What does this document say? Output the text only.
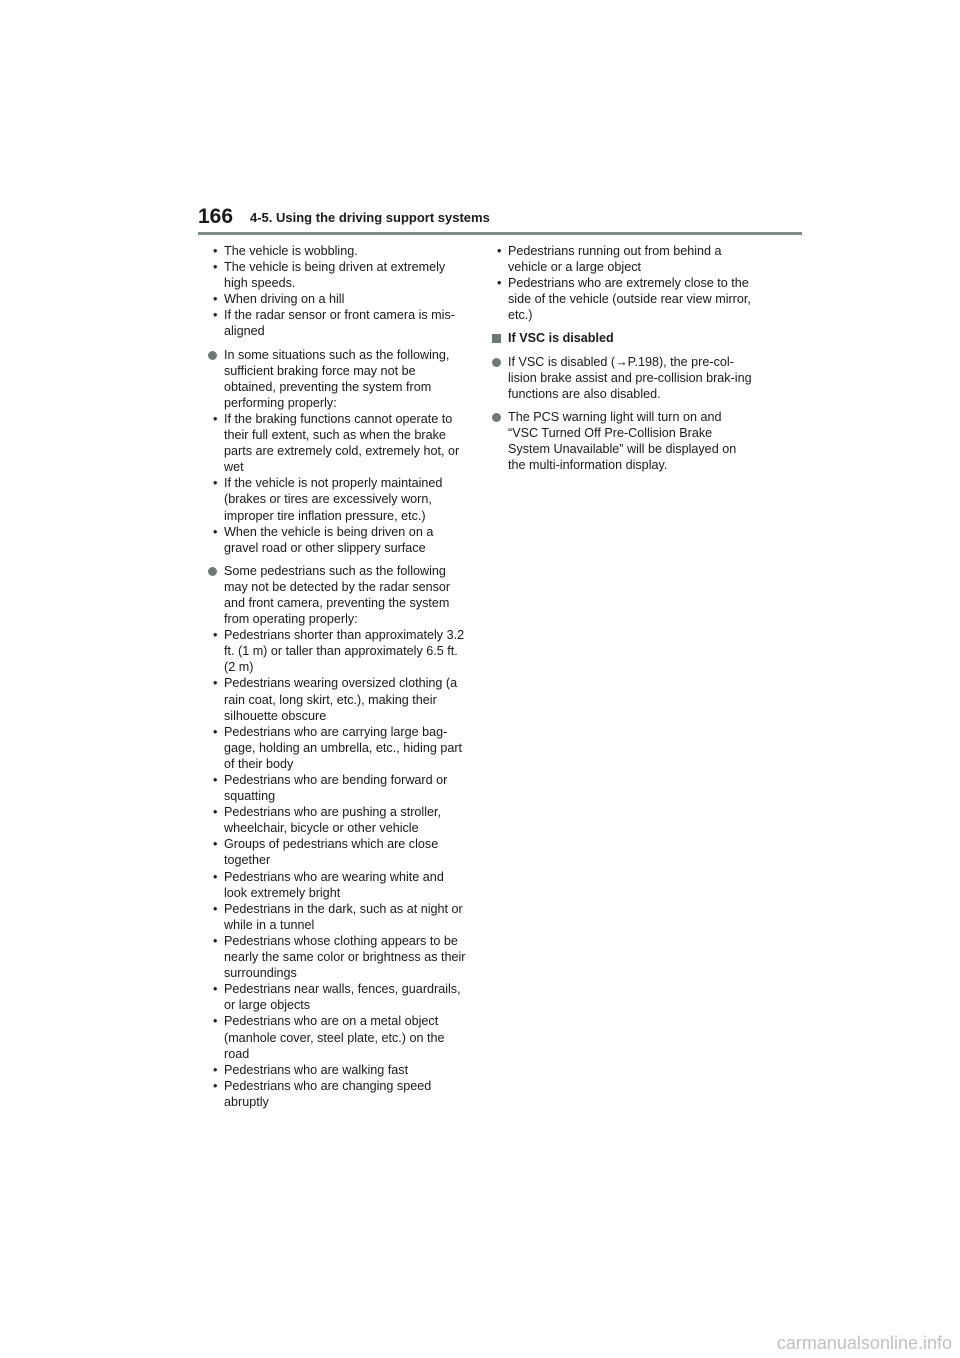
166 4-5. Using the driving support systems
• The vehicle is wobbling.
• The vehicle is being driven at extremely high speeds.
• When driving on a hill
• If the radar sensor or front camera is mis-aligned
In some situations such as the following, sufficient braking force may not be obtained, preventing the system from performing properly:
• If the braking functions cannot operate to their full extent, such as when the brake parts are extremely cold, extremely hot, or wet
• If the vehicle is not properly maintained (brakes or tires are excessively worn, improper tire inflation pressure, etc.)
• When the vehicle is being driven on a gravel road or other slippery surface
Some pedestrians such as the following may not be detected by the radar sensor and front camera, preventing the system from operating properly:
• Pedestrians shorter than approximately 3.2 ft. (1 m) or taller than approximately 6.5 ft. (2 m)
• Pedestrians wearing oversized clothing (a rain coat, long skirt, etc.), making their silhouette obscure
• Pedestrians who are carrying large bag-gage, holding an umbrella, etc., hiding part of their body
• Pedestrians who are bending forward or squatting
• Pedestrians who are pushing a stroller, wheelchair, bicycle or other vehicle
• Groups of pedestrians which are close together
• Pedestrians who are wearing white and look extremely bright
• Pedestrians in the dark, such as at night or while in a tunnel
• Pedestrians whose clothing appears to be nearly the same color or brightness as their surroundings
• Pedestrians near walls, fences, guardrails, or large objects
• Pedestrians who are on a metal object (manhole cover, steel plate, etc.) on the road
• Pedestrians who are walking fast
• Pedestrians who are changing speed abruptly
• Pedestrians running out from behind a vehicle or a large object
• Pedestrians who are extremely close to the side of the vehicle (outside rear view mirror, etc.)
If VSC is disabled
If VSC is disabled (→P.198), the pre-col-lision brake assist and pre-collision brak-ing functions are also disabled.
The PCS warning light will turn on and “VSC Turned Off Pre-Collision Brake System Unavailable” will be displayed on the multi-information display.
carmanualsonline.info
